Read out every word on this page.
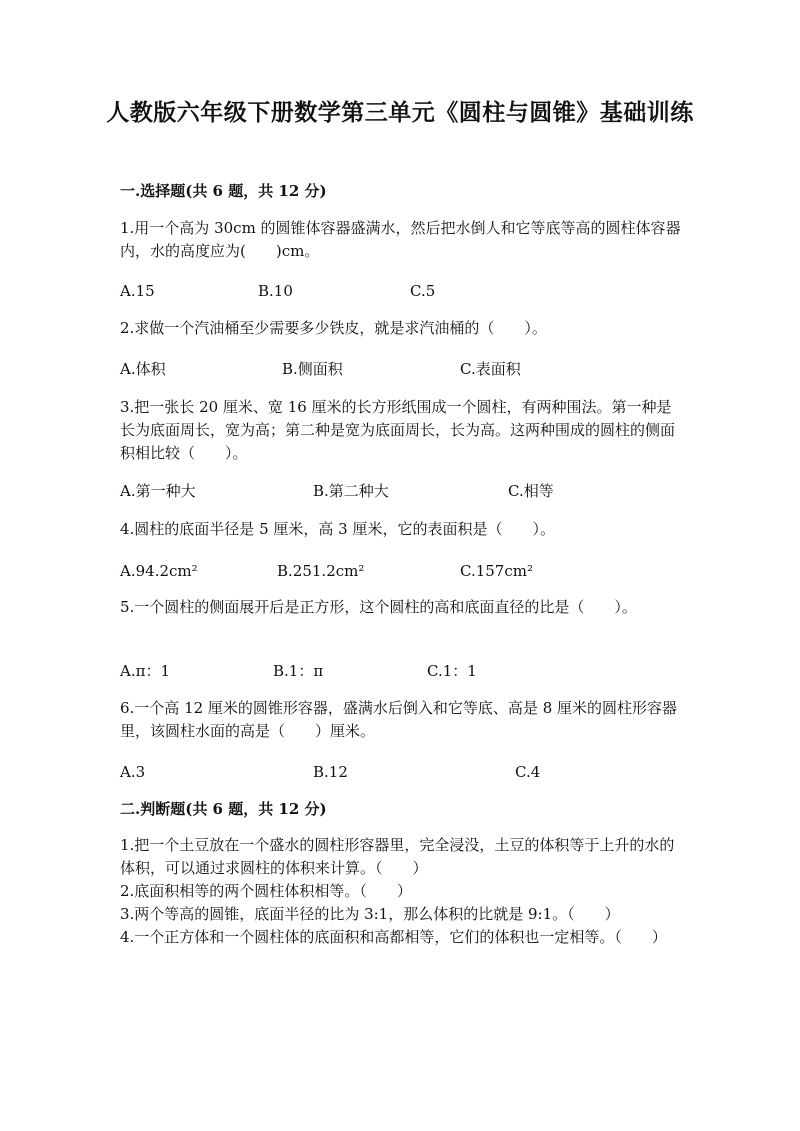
人教版六年级下册数学第三单元《圆柱与圆锥》基础训练
一.选择题(共 6 题，共 12 分)
1.用一个高为 30cm 的圆锥体容器盛满水，然后把水倒人和它等底等高的圆柱体容器内，水的高度应为(　　)cm。
A.15	B.10	C.5
2.求做一个汽油桶至少需要多少铁皮，就是求汽油桶的（　　）。
A.体积	B.侧面积	C.表面积
3.把一张长 20 厘米、宽 16 厘米的长方形纸围成一个圆柱，有两种围法。第一种是长为底面周长，宽为高；第二种是宽为底面周长，长为高。这两种围成的圆柱的侧面积相比较（　　）。
A.第一种大	B.第二种大	C.相等
4.圆柱的底面半径是 5 厘米，高 3 厘米，它的表面积是（　　）。
A.94.2cm²	B.251.2cm²	C.157cm²
5.一个圆柱的侧面展开后是正方形，这个圆柱的高和底面直径的比是（　　）。
A.π：1	B.1：π	C.1：1
6.一个高 12 厘米的圆锥形容器，盛满水后倒入和它等底、高是 8 厘米的圆柱形容器里，该圆柱水面的高是（　　）厘米。
A.3	B.12	C.4
二.判断题(共 6 题，共 12 分)
1.把一个土豆放在一个盛水的圆柱形容器里，完全浸没，土豆的体积等于上升的水的体积，可以通过求圆柱的体积来计算。（　　）
2.底面积相等的两个圆柱体积相等。（　　）
3.两个等高的圆锥，底面半径的比为 3:1，那么体积的比就是 9:1。（　　）
4.一个正方体和一个圆柱体的底面积和高都相等，它们的体积也一定相等。（　　）
